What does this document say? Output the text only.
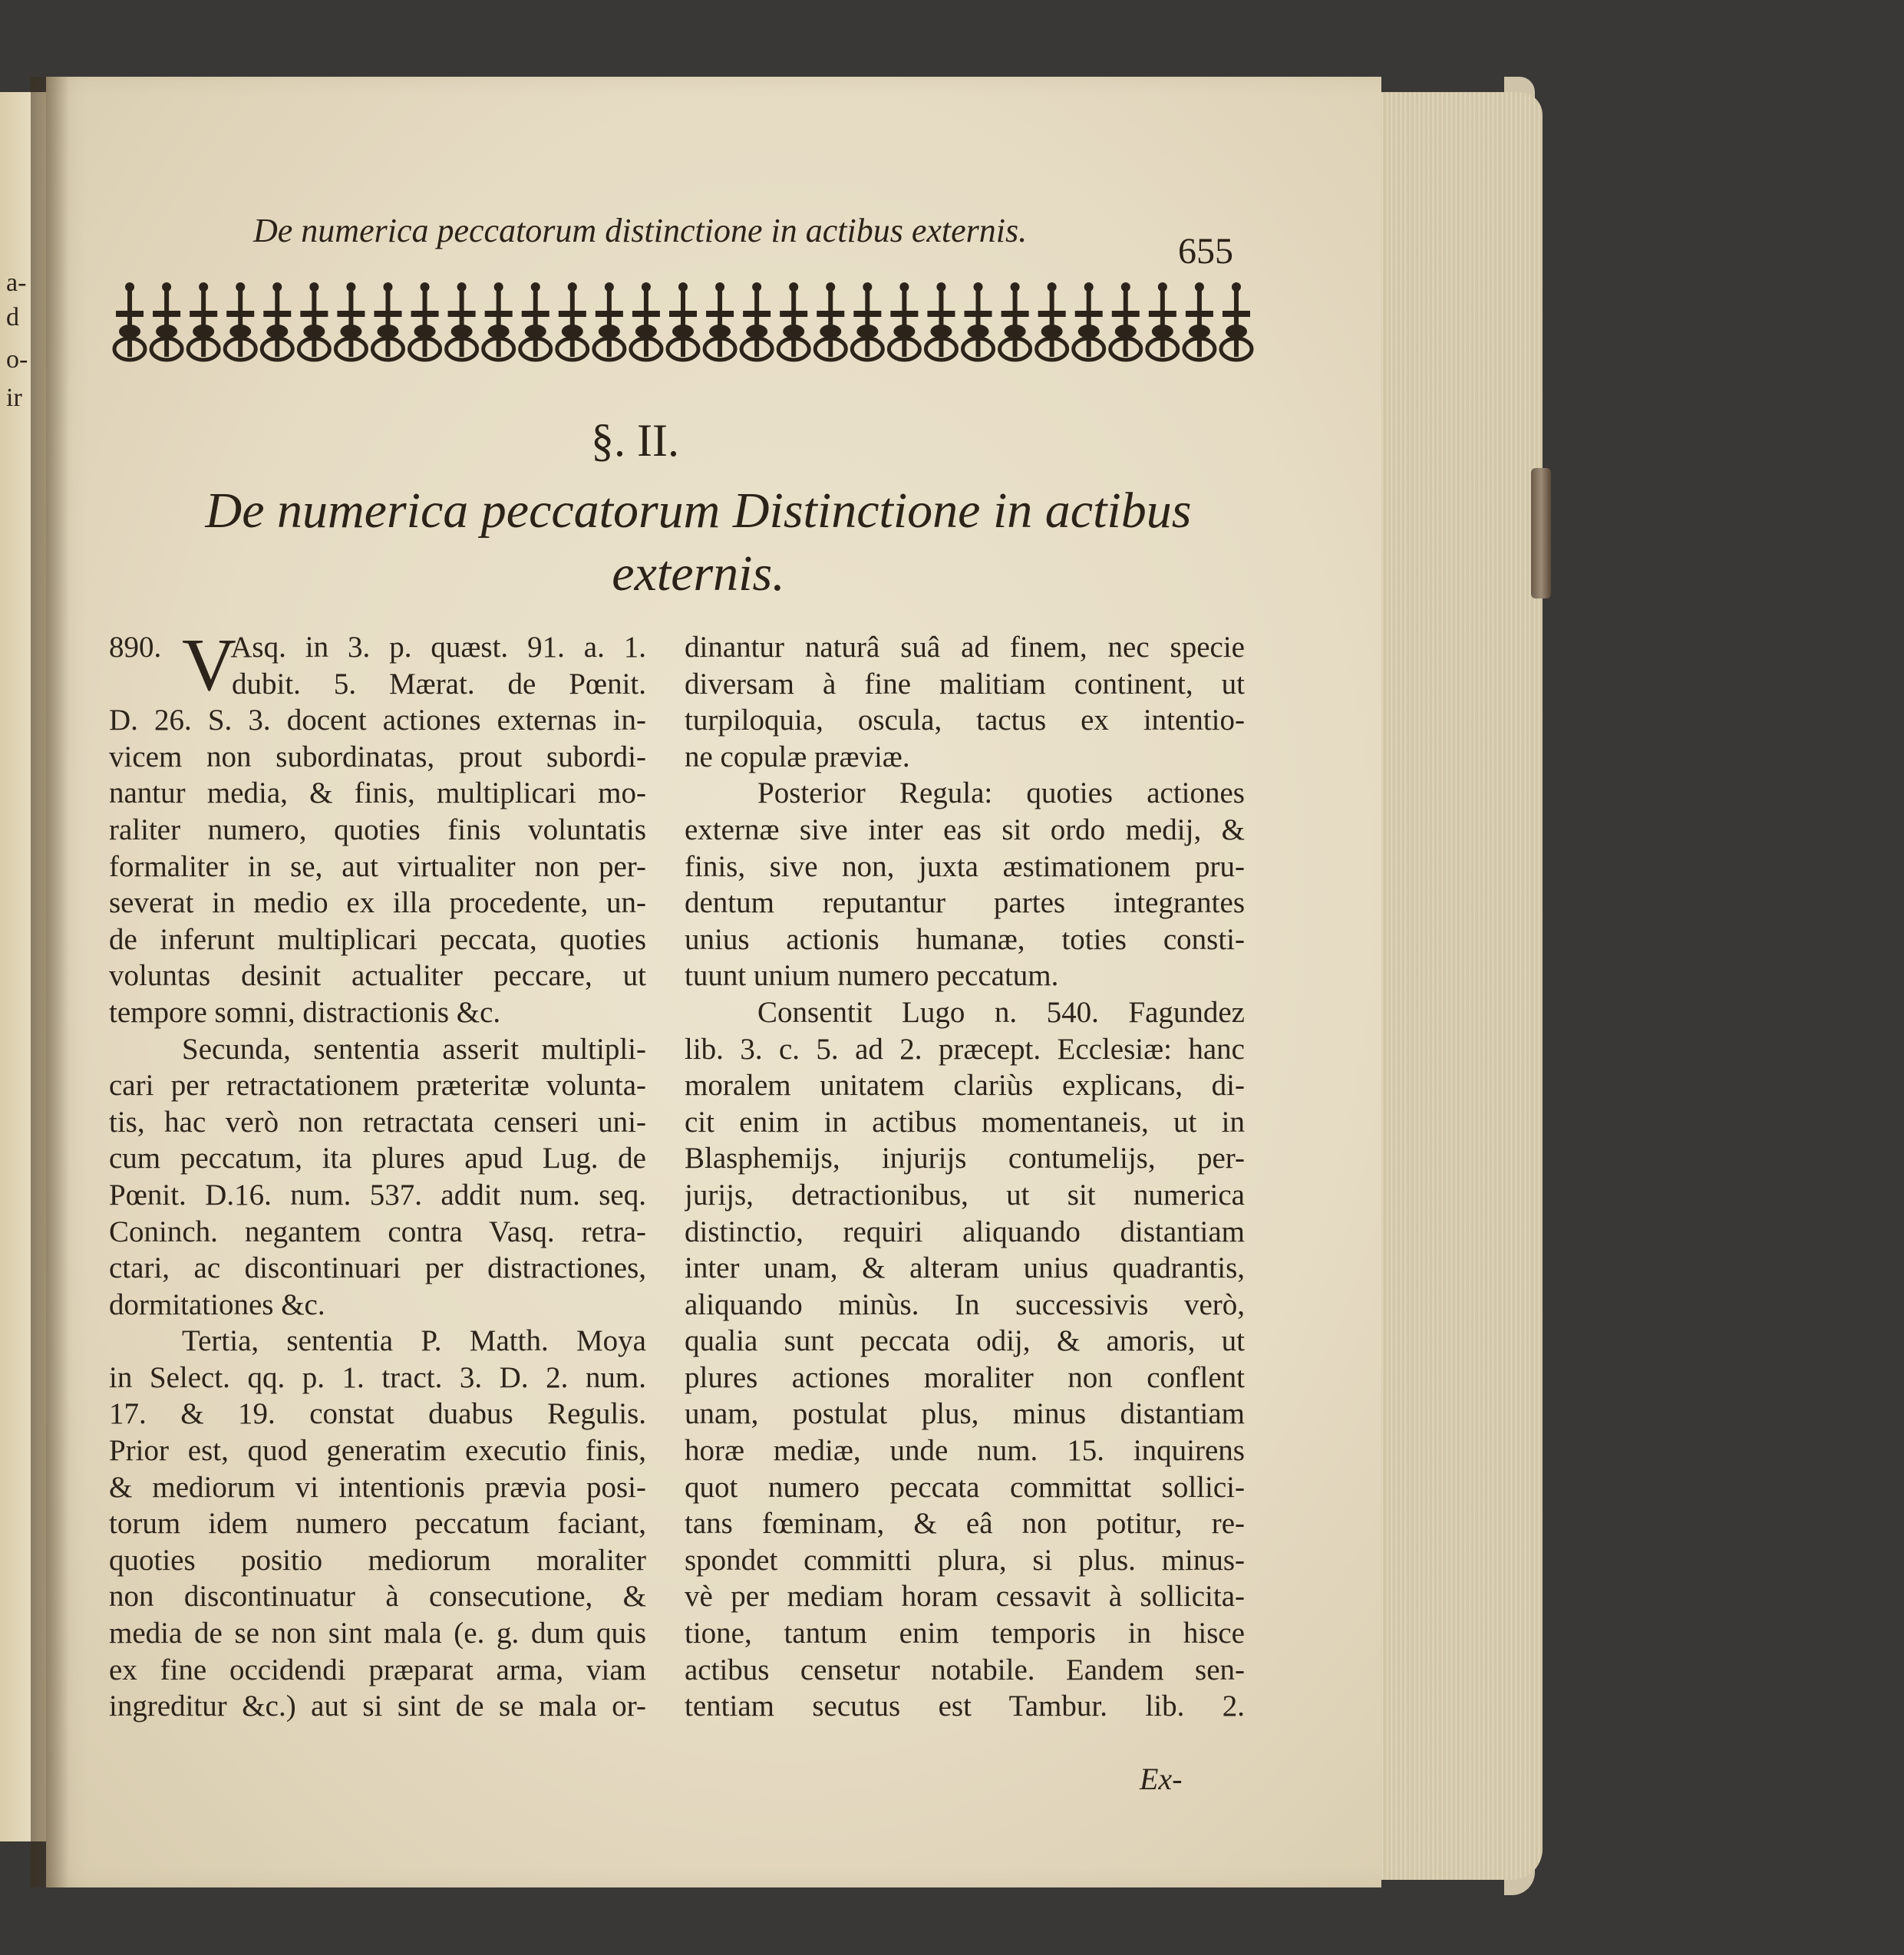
a-
d
o-
ir
De numerica peccatorum distinctione in actibus externis.
655
§. II.
De numerica peccatorum Distinctione in actibus
externis.
V
890. Asq. in 3. p. quæst. 91. a. 1.
dubit. 5. Mærat. de Pœnit.
D. 26. S. 3. docent actiones externas in-
vicem non subordinatas, prout subordi-
nantur media, & finis, multiplicari mo-
raliter numero, quoties finis voluntatis
formaliter in se, aut virtualiter non per-
severat in medio ex illa procedente, un-
de inferunt multiplicari peccata, quoties
voluntas desinit actualiter peccare, ut
tempore somni, distractionis &c.
Secunda, sententia asserit multipli-
cari per retractationem præteritæ volunta-
tis, hac verò non retractata censeri uni-
cum peccatum, ita plures apud Lug. de
Pœnit. D.16. num. 537. addit num. seq.
Coninch. negantem contra Vasq. retra-
ctari, ac discontinuari per distractiones,
dormitationes &c.
Tertia, sententia P. Matth. Moya
in Select. qq. p. 1. tract. 3. D. 2. num.
17. & 19. constat duabus Regulis.
Prior est, quod generatim executio finis,
& mediorum vi intentionis prævia posi-
torum idem numero peccatum faciant,
quoties positio mediorum moraliter
non discontinuatur à consecutione, &
media de se non sint mala (e. g. dum quis
ex fine occidendi præparat arma, viam
ingreditur &c.) aut si sint de se mala or-
dinantur naturâ suâ ad finem, nec specie
diversam à fine malitiam continent, ut
turpiloquia, oscula, tactus ex intentio-
ne copulæ præviæ.
Posterior Regula: quoties actiones
externæ sive inter eas sit ordo medij, &
finis, sive non, juxta æstimationem pru-
dentum reputantur partes integrantes
unius actionis humanæ, toties consti-
tuunt unium numero peccatum.
Consentit Lugo n. 540. Fagundez
lib. 3. c. 5. ad 2. præcept. Ecclesiæ: hanc
moralem unitatem clariùs explicans, di-
cit enim in actibus momentaneis, ut in
Blasphemijs, injurijs contumelijs, per-
jurijs, detractionibus, ut sit numerica
distinctio, requiri aliquando distantiam
inter unam, & alteram unius quadrantis,
aliquando minùs. In successivis verò,
qualia sunt peccata odij, & amoris, ut
plures actiones moraliter non conflent
unam, postulat plus, minus distantiam
horæ mediæ, unde num. 15. inquirens
quot numero peccata committat sollici-
tans fœminam, & eâ non potitur, re-
spondet committi plura, si plus. minus-
vè per mediam horam cessavit à sollicita-
tione, tantum enim temporis in hisce
actibus censetur notabile. Eandem sen-
tentiam secutus est Tambur. lib. 2.
Ex-
